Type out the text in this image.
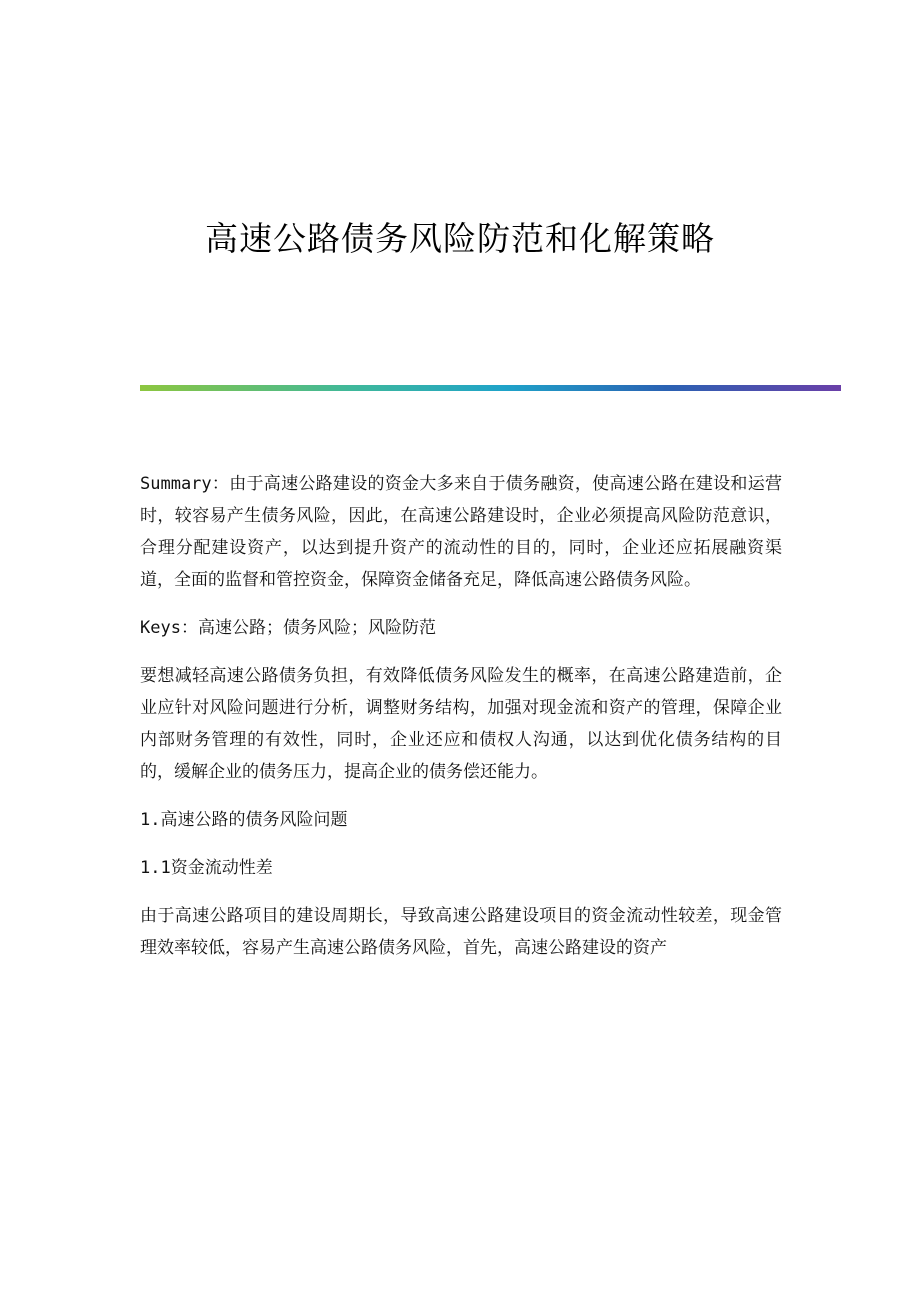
高速公路债务风险防范和化解策略

Summary：由于高速公路建设的资金大多来自于债务融资，使高速公路在建设和运营时，较容易产生债务风险，因此，在高速公路建设时，企业必须提高风险防范意识，合理分配建设资产，以达到提升资产的流动性的目的，同时，企业还应拓展融资渠道，全面的监督和管控资金，保障资金储备充足，降低高速公路债务风险。

Keys：高速公路；债务风险；风险防范

要想减轻高速公路债务负担，有效降低债务风险发生的概率，在高速公路建造前，企业应针对风险问题进行分析，调整财务结构，加强对现金流和资产的管理，保障企业内部财务管理的有效性，同时，企业还应和债权人沟通，以达到优化债务结构的目的，缓解企业的债务压力，提高企业的债务偿还能力。

1.高速公路的债务风险问题

1.1资金流动性差

由于高速公路项目的建设周期长，导致高速公路建设项目的资金流动性较差，现金管理效率较低，容易产生高速公路债务风险，首先，高速公路建设的资产
